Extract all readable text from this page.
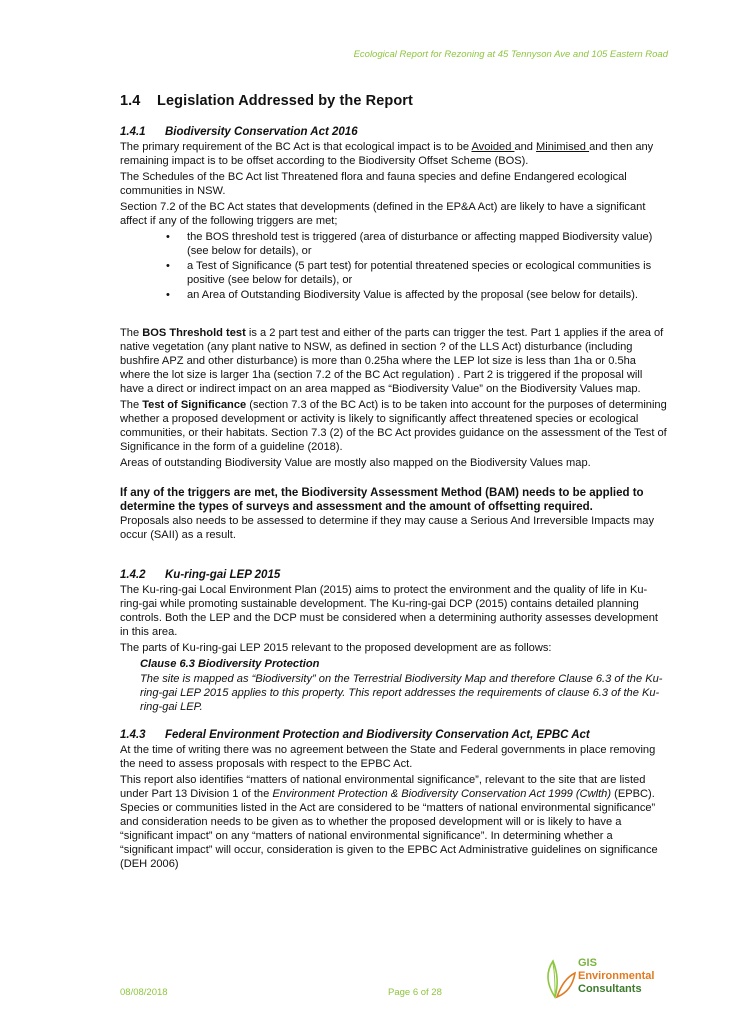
Ecological Report for Rezoning at 45 Tennyson Ave and 105 Eastern Road
1.4 Legislation Addressed by the Report
1.4.1 Biodiversity Conservation Act 2016

The primary requirement of the BC Act is that ecological impact is to be Avoided and Minimised and then any remaining impact is to be offset according to the Biodiversity Offset Scheme (BOS).

The Schedules of the BC Act list Threatened flora and fauna species and define Endangered ecological communities in NSW.

Section 7.2 of the BC Act states that developments (defined in the EP&A Act) are likely to have a significant affect if any of the following triggers are met;

• the BOS threshold test is triggered (area of disturbance or affecting mapped Biodiversity value) (see below for details), or
• a Test of Significance (5 part test) for potential threatened species or ecological communities is positive (see below for details), or
• an Area of Outstanding Biodiversity Value is affected by the proposal (see below for details).

The BOS Threshold test is a 2 part test and either of the parts can trigger the test. Part 1 applies if the area of native vegetation (any plant native to NSW, as defined in section ? of the LLS Act) disturbance (including bushfire APZ and other disturbance) is more than 0.25ha where the LEP lot size is less than 1ha or 0.5ha where the lot size is larger 1ha (section 7.2 of the BC Act regulation) . Part 2 is triggered if the proposal will have a direct or indirect impact on an area mapped as “Biodiversity Value” on the Biodiversity Values map.

The Test of Significance (section 7.3 of the BC Act) is to be taken into account for the purposes of determining whether a proposed development or activity is likely to significantly affect threatened species or ecological communities, or their habitats. Section 7.3 (2) of the BC Act provides guidance on the assessment of the Test of Significance in the form of a guideline (2018).

Areas of outstanding Biodiversity Value are mostly also mapped on the Biodiversity Values map.

If any of the triggers are met, the Biodiversity Assessment Method (BAM) needs to be applied to determine the types of surveys and assessment and the amount of offsetting required.

Proposals also needs to be assessed to determine if they may cause a Serious And Irreversible Impacts may occur (SAII) as a result.

1.4.2 Ku-ring-gai LEP 2015

The Ku-ring-gai Local Environment Plan (2015) aims to protect the environment and the quality of life in Ku-ring-gai while promoting sustainable development. The Ku-ring-gai DCP (2015) contains detailed planning controls. Both the LEP and the DCP must be considered when a determining authority assesses development in this area.

The parts of Ku-ring-gai LEP 2015 relevant to the proposed development are as follows:

Clause 6.3 Biodiversity Protection

The site is mapped as “Biodiversity” on the Terrestrial Biodiversity Map and therefore Clause 6.3 of the Ku-ring-gai LEP 2015 applies to this property. This report addresses the requirements of clause 6.3 of the Ku-ring-gai LEP.

1.4.3 Federal Environment Protection and Biodiversity Conservation Act, EPBC Act

At the time of writing there was no agreement between the State and Federal governments in place removing the need to assess proposals with respect to the EPBC Act.

This report also identifies “matters of national environmental significance”, relevant to the site that are listed under Part 13 Division 1 of the Environment Protection & Biodiversity Conservation Act 1999 (Cwlth) (EPBC). Species or communities listed in the Act are considered to be “matters of national environmental significance” and consideration needs to be given as to whether the proposed development will or is likely to have a “significant impact” on any “matters of national environmental significance”. In determining whether a “significant impact” will occur, consideration is given to the EPBC Act Administrative guidelines on significance (DEH 2006)

08/08/2018	Page 6 of 28
GIS
Environmental
Consultants
